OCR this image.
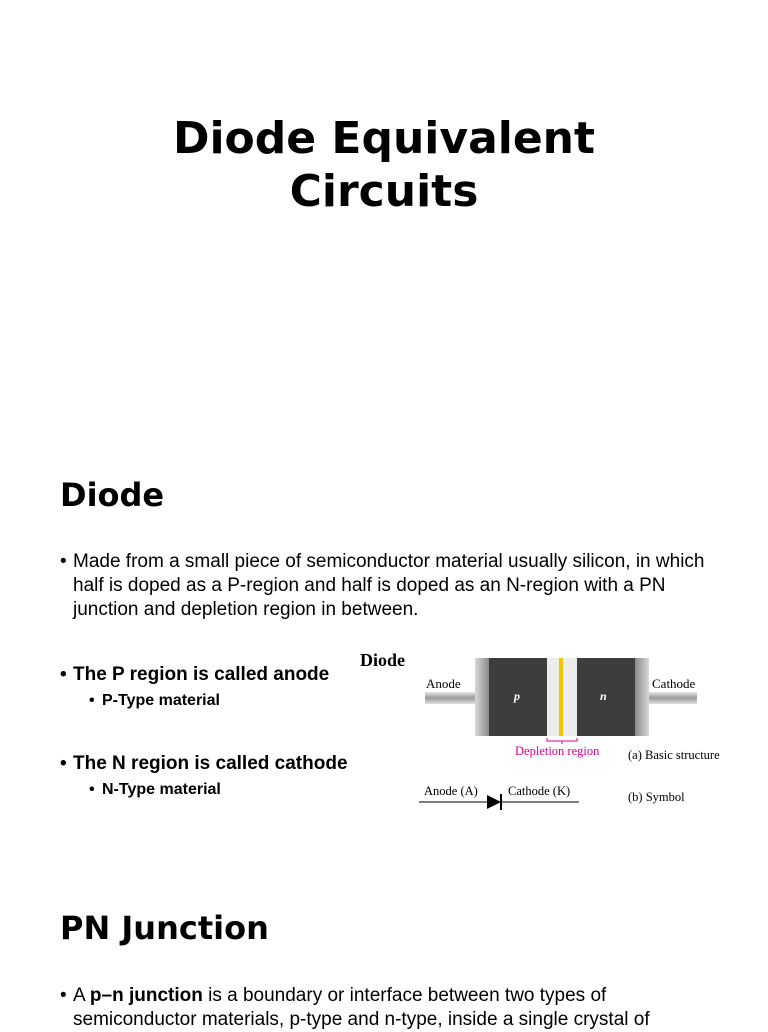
Diode Equivalent
Circuits
Diode

• Made from a small piece of semiconductor material usually silicon, in which half is doped as a P-region and half is doped as an N-region with a PN junction and depletion region in between.

• The P region is called anode

• P-Type material

• The N region is called cathode

• N-Type material

Diode
Anode	Cathode
p	n
Depletion region (a) Basic structure
Anode (A) Cathode (K)	(b) Symbol
PN Junction

• A p–n junction is a boundary or interface between two types of semiconductor materials, p-type and n-type, inside a single crystal of
